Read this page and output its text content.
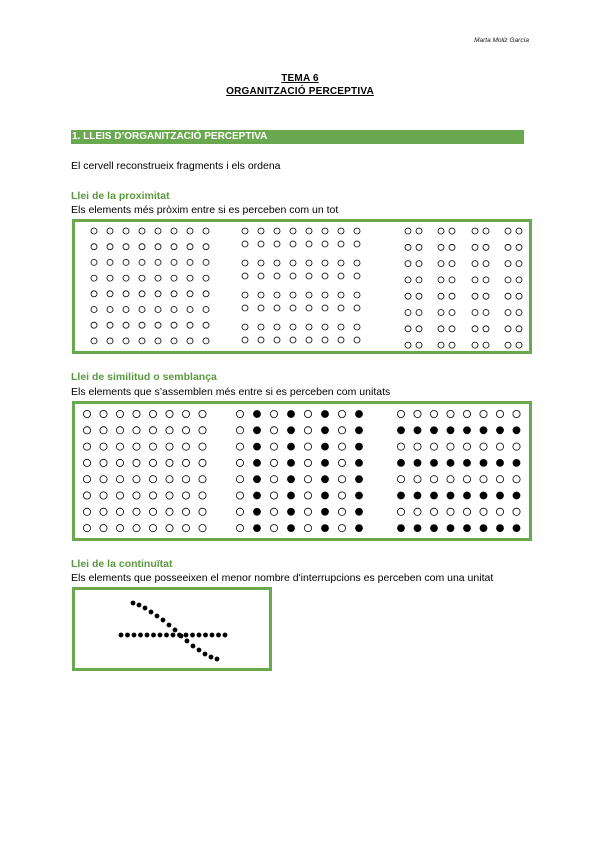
Marta Moliz García
TEMA 6
ORGANITZACIÓ PERCEPTIVA
1. LLEIS D’ORGANITZACIÓ PERCEPTIVA
El cervell reconstrueix fragments i els ordena
Llei de la proximitat
Els elements més pròxim entre si es perceben com un tot
Llei de similitud o semblança
Els elements que s’assemblen més entre si es perceben com unitats
Llei de la continuïtat
Els elements que posseeixen el menor nombre d'interrupcions es perceben com una unitat
